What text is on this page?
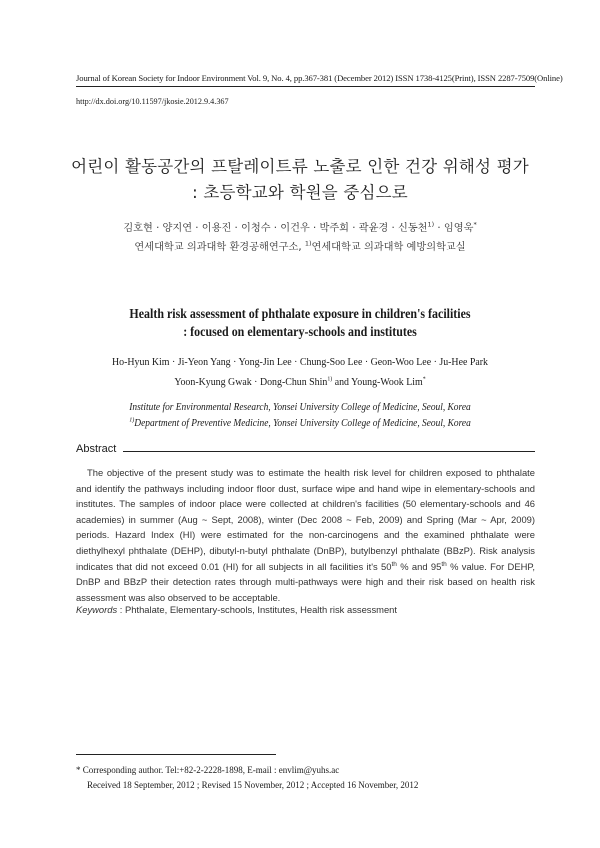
Journal of Korean Society for Indoor Environment Vol. 9, No. 4, pp.367-381 (December 2012) ISSN 1738-4125(Print), ISSN 2287-7509(Online)
http://dx.doi.org/10.11597/jkosie.2012.9.4.367
어린이 활동공간의 프탈레이트류 노출로 인한 건강 위해성 평가
: 초등학교와 학원을 중심으로
김호현 · 양지연 · 이용진 · 이청수 · 이건우 · 박주희 · 곽윤경 · 신동천$^{1)}$ · 임영욱*
연세대학교 의과대학 환경공해연구소, $^{1)}$연세대학교 의과대학 예방의학교실
Health risk assessment of phthalate exposure in children's facilities
: focused on elementary-schools and institutes
Ho-Hyun Kim · Ji-Yeon Yang · Yong-Jin Lee · Chung-Soo Lee · Geon-Woo Lee · Ju-Hee Park
Yoon-Kyung Gwak · Dong-Chun Shin$^{1)}$ and Young-Wook Lim*
Institute for Environmental Research, Yonsei University College of Medicine, Seoul, Korea
$^{1)}$Department of Preventive Medicine, Yonsei University College of Medicine, Seoul, Korea
Abstract
The objective of the present study was to estimate the health risk level for children exposed to phthalate and identify the pathways including indoor floor dust, surface wipe and hand wipe in elementary-schools and institutes. The samples of indoor place were collected at children's facilities (50 elementary-schools and 46 academies) in summer (Aug ~ Sept, 2008), winter (Dec 2008 ~ Feb, 2009) and Spring (Mar ~ Apr, 2009) periods. Hazard Index (HI) were estimated for the non-carcinogens and the examined phthalate were diethylhexyl phthalate (DEHP), dibutyl-n-butyl phthalate (DnBP), butylbenzyl phthalate (BBzP). Risk analysis indicates that did not exceed 0.01 (HI) for all subjects in all facilities it's 50th % and 95th % value. For DEHP, DnBP and BBzP their detection rates through multi-pathways were high and their risk based on health risk assessment was also observed to be acceptable.
Keywords : Phthalate, Elementary-schools, Institutes, Health risk assessment
* Corresponding author. Tel:+82-2-2228-1898, E-mail : envlim@yuhs.ac
Received 18 September, 2012 ; Revised 15 November, 2012 ; Accepted 16 November, 2012
